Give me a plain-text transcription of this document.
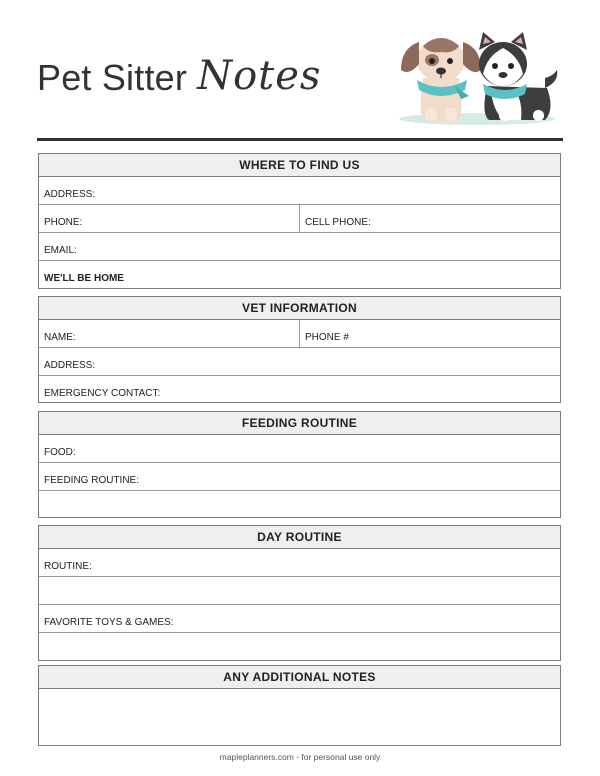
Pet Sitter Notes
WHERE TO FIND US
ADDRESS:
PHONE:	CELL PHONE:
EMAIL:
WE'LL BE HOME
VET INFORMATION
NAME:	PHONE #
ADDRESS:
EMERGENCY CONTACT:
FEEDING ROUTINE
FOOD:
FEEDING ROUTINE:
DAY ROUTINE
ROUTINE:
FAVORITE TOYS & GAMES:
ANY ADDITIONAL NOTES
mapleplanners.com - for personal use only
